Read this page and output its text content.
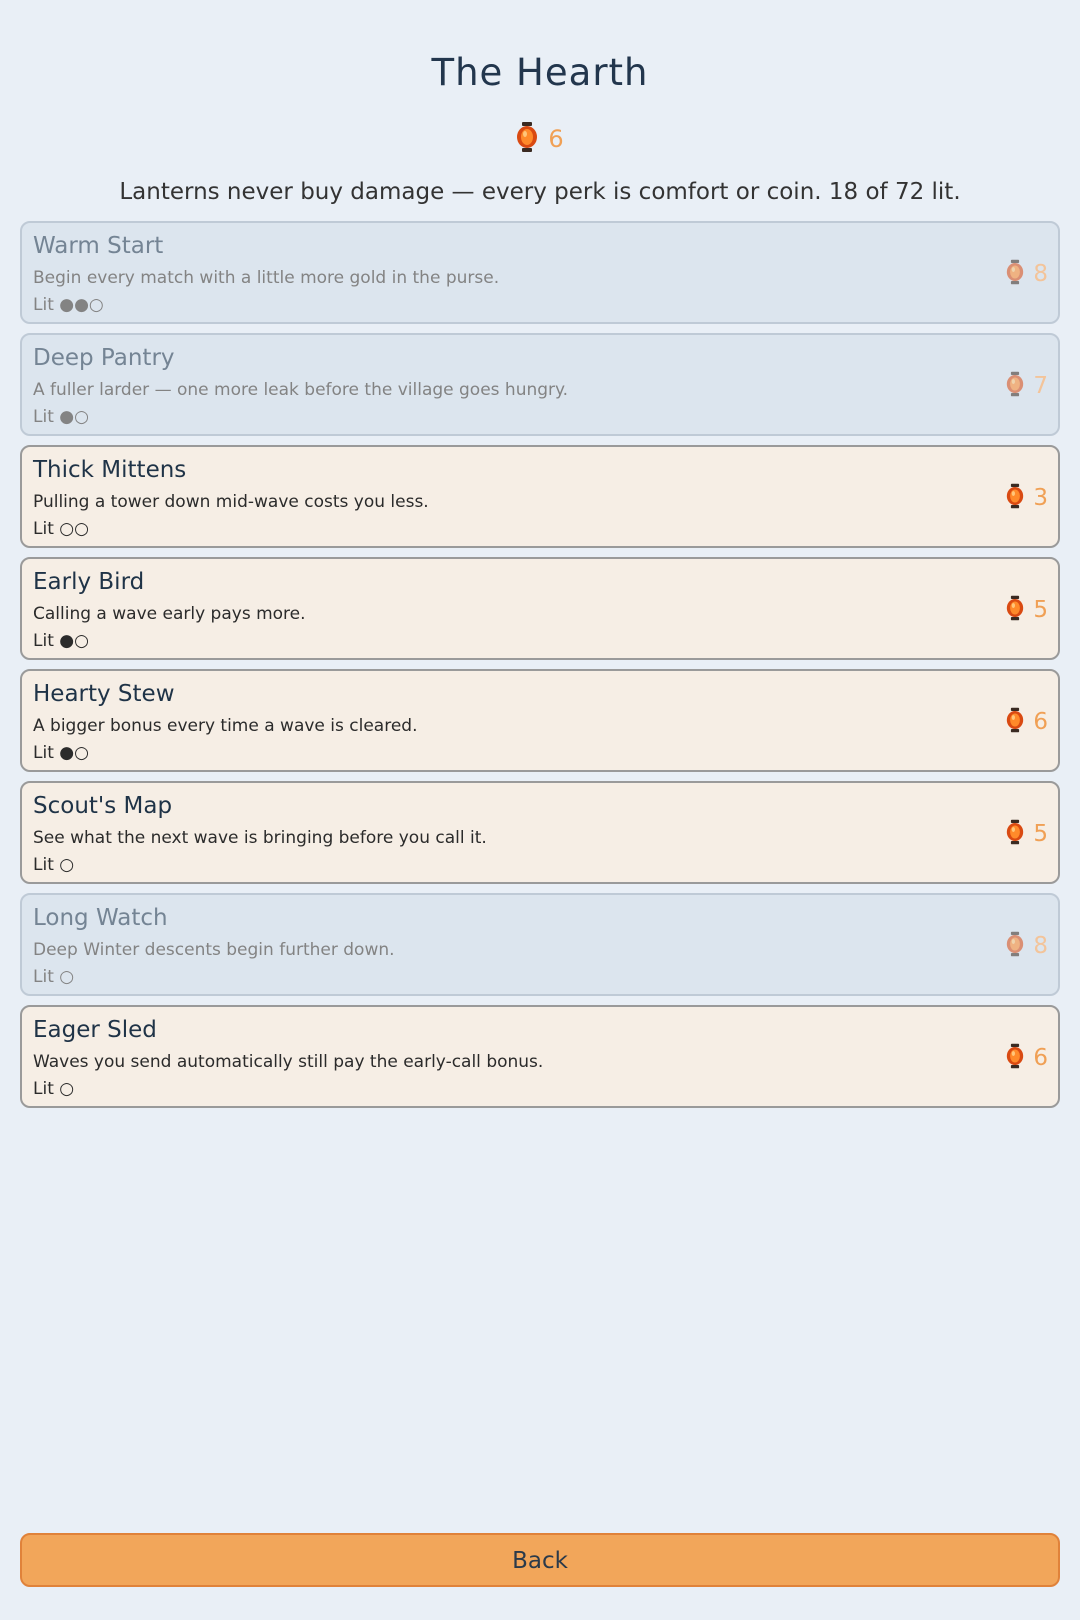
The Hearth
6
Lanterns never buy damage — every perk is comfort or coin. 18 of 72 lit.
Warm Start
Begin every match with a little more gold in the purse.
Lit ●●○
8
Deep Pantry
A fuller larder — one more leak before the village goes hungry.
Lit ●○
7
Thick Mittens
Pulling a tower down mid-wave costs you less.
Lit ○○
3
Early Bird
Calling a wave early pays more.
Lit ●○
5
Hearty Stew
A bigger bonus every time a wave is cleared.
Lit ●○
6
Scout's Map
See what the next wave is bringing before you call it.
Lit ○
5
Long Watch
Deep Winter descents begin further down.
Lit ○
8
Eager Sled
Waves you send automatically still pay the early-call bonus.
Lit ○
6
Back
